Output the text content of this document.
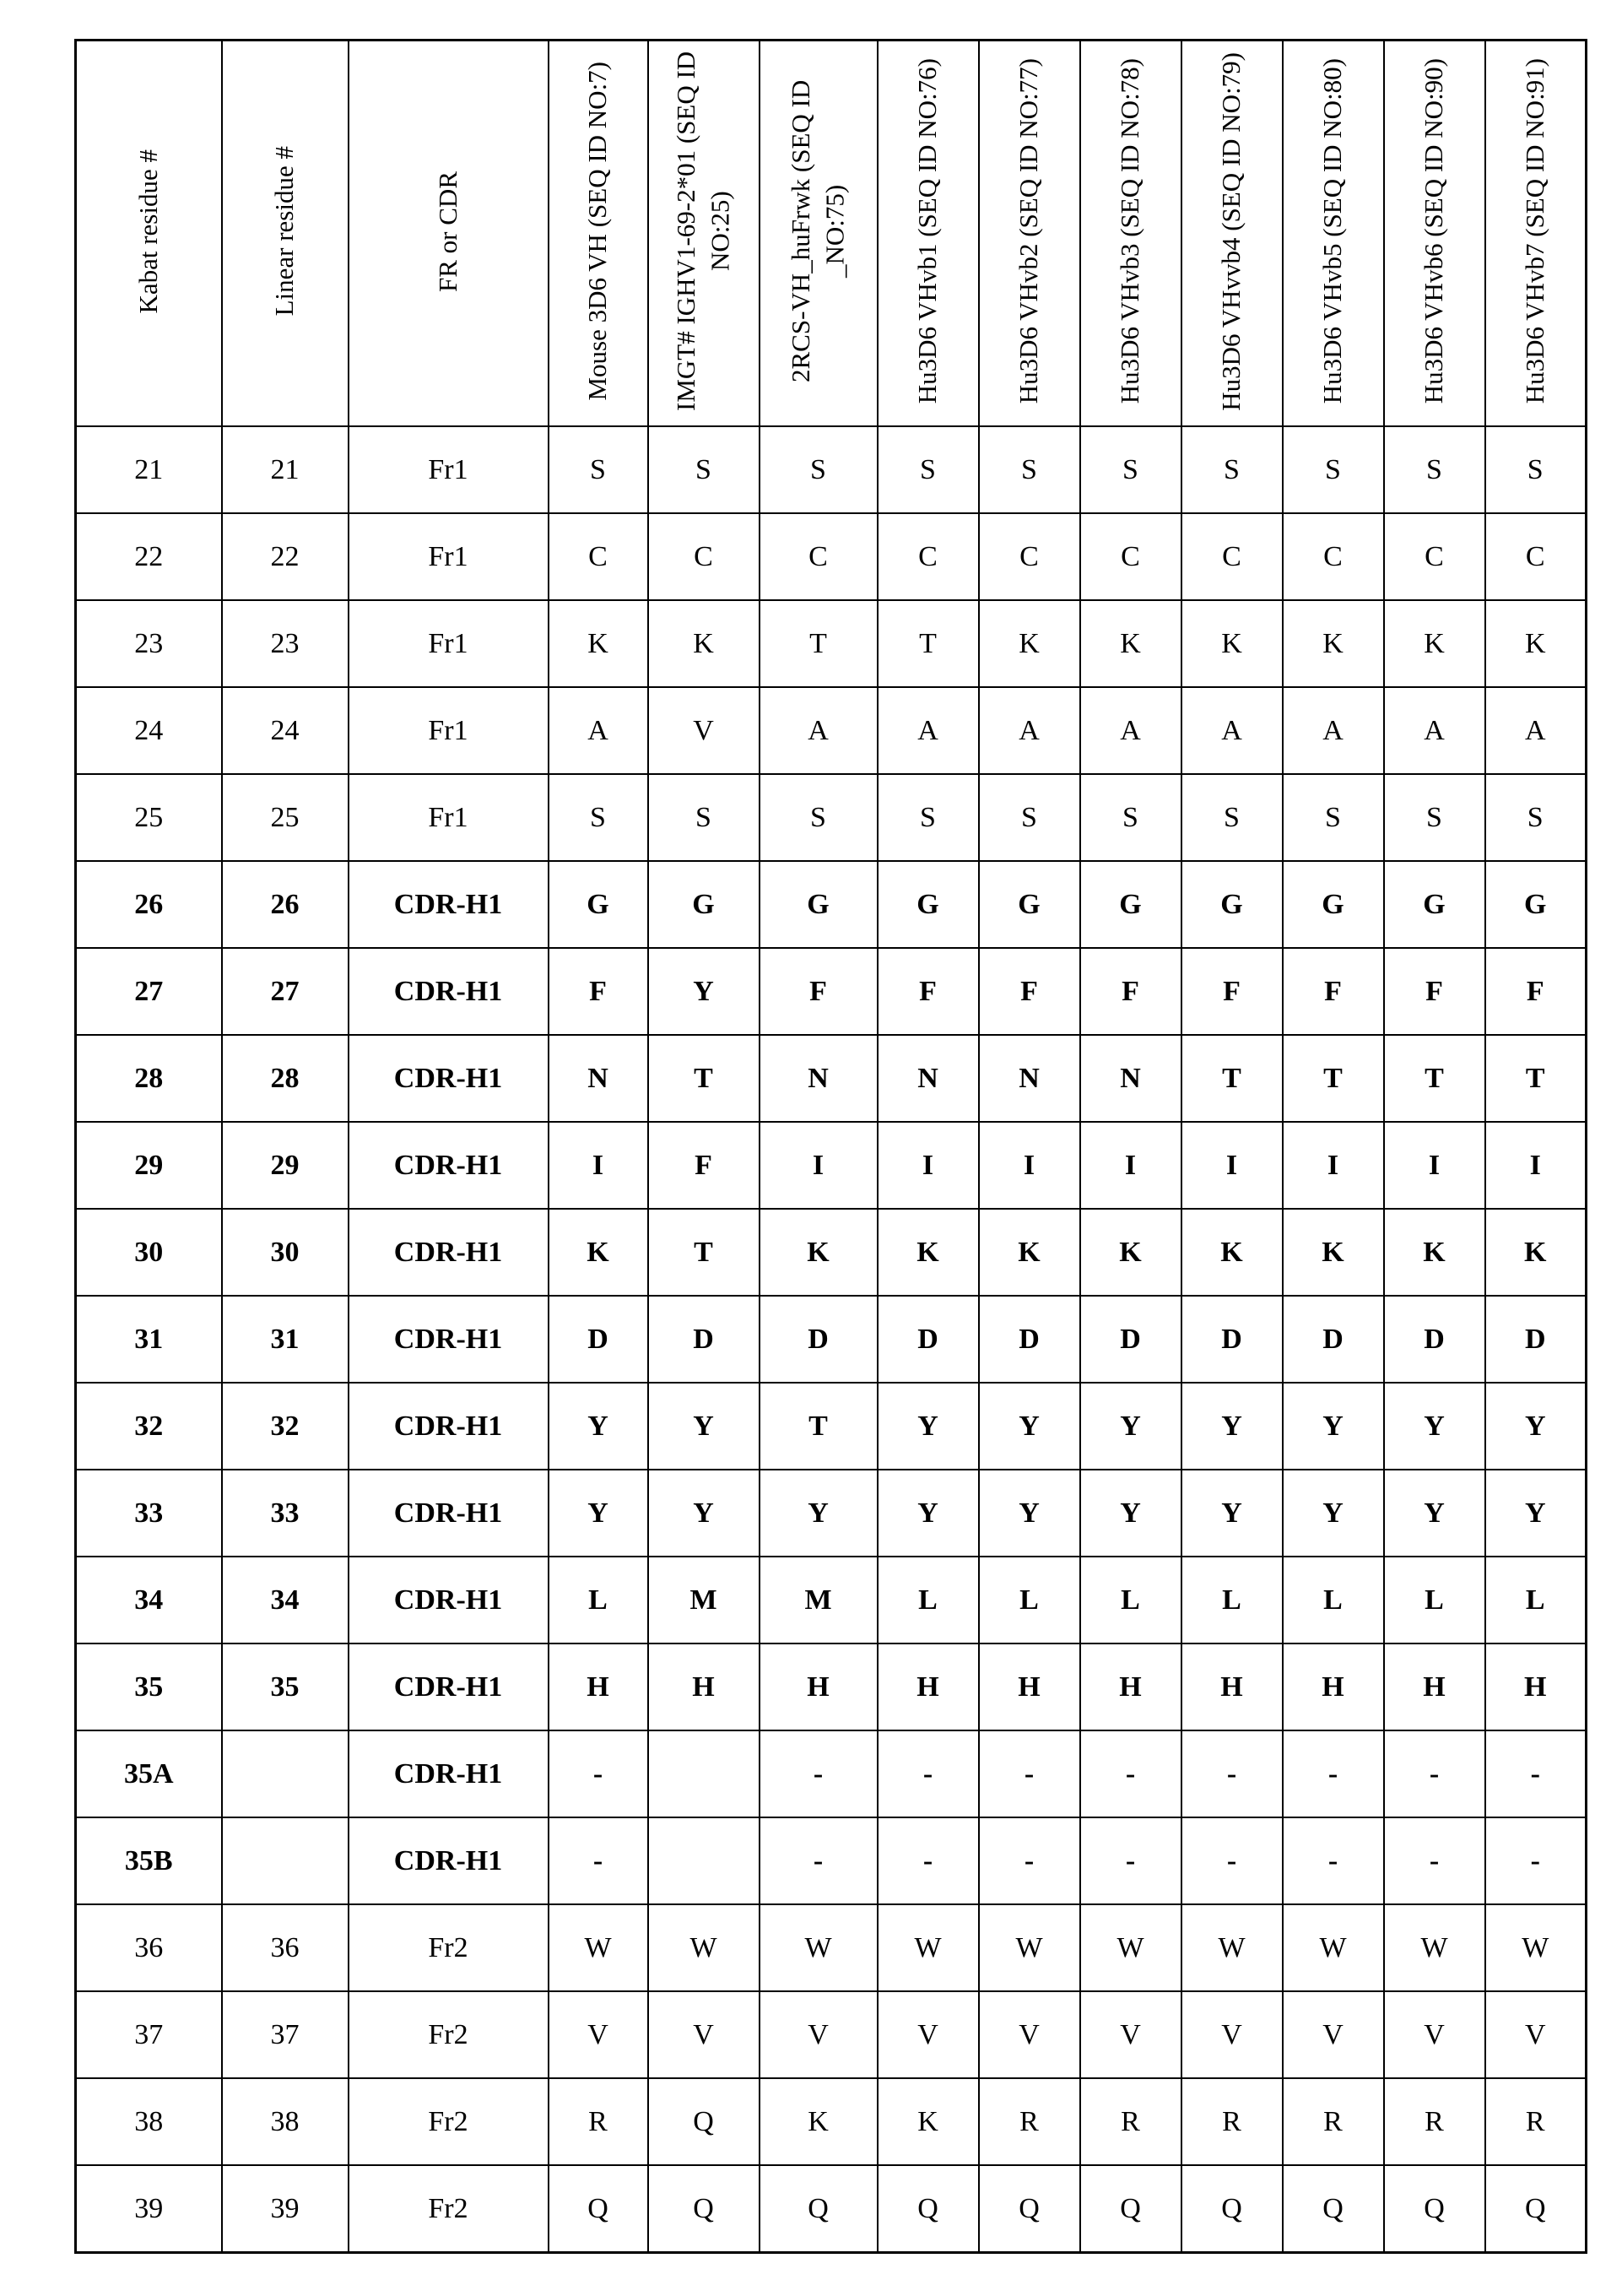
Kabat residue #	Linear residue #	FR or CDR	Mouse 3D6 VH (SEQ ID NO:7)	IMGT# IGHV1-69-2*01 (SEQ ID NO:25)	2RCS-VH_huFrwk (SEQ ID _NO:75)	Hu3D6 VHvb1 (SEQ ID NO:76)	Hu3D6 VHvb2 (SEQ ID NO:77)	Hu3D6 VHvb3 (SEQ ID NO:78)	Hu3D6 VHvvb4 (SEQ ID NO:79)	Hu3D6 VHvb5 (SEQ ID NO:80)	Hu3D6 VHvb6 (SEQ ID NO:90)	Hu3D6 VHvb7 (SEQ ID NO:91)
21	21	Fr1	S	S	S	S	S	S	S	S	S	S
22	22	Fr1	C	C	C	C	C	C	C	C	C	C
23	23	Fr1	K	K	T	T	K	K	K	K	K	K
24	24	Fr1	A	V	A	A	A	A	A	A	A	A
25	25	Fr1	S	S	S	S	S	S	S	S	S	S
26	26	CDR-H1	G	G	G	G	G	G	G	G	G	G
27	27	CDR-H1	F	Y	F	F	F	F	F	F	F	F
28	28	CDR-H1	N	T	N	N	N	N	T	T	T	T
29	29	CDR-H1	I	F	I	I	I	I	I	I	I	I
30	30	CDR-H1	K	T	K	K	K	K	K	K	K	K
31	31	CDR-H1	D	D	D	D	D	D	D	D	D	D
32	32	CDR-H1	Y	Y	T	Y	Y	Y	Y	Y	Y	Y
33	33	CDR-H1	Y	Y	Y	Y	Y	Y	Y	Y	Y	Y
34	34	CDR-H1	L	M	M	L	L	L	L	L	L	L
35	35	CDR-H1	H	H	H	H	H	H	H	H	H	H
35A		CDR-H1	-		-	-	-	-	-	-	-	-
35B		CDR-H1	-		-	-	-	-	-	-	-	-
36	36	Fr2	W	W	W	W	W	W	W	W	W	W
37	37	Fr2	V	V	V	V	V	V	V	V	V	V
38	38	Fr2	R	Q	K	K	R	R	R	R	R	R
39	39	Fr2	Q	Q	Q	Q	Q	Q	Q	Q	Q	Q
